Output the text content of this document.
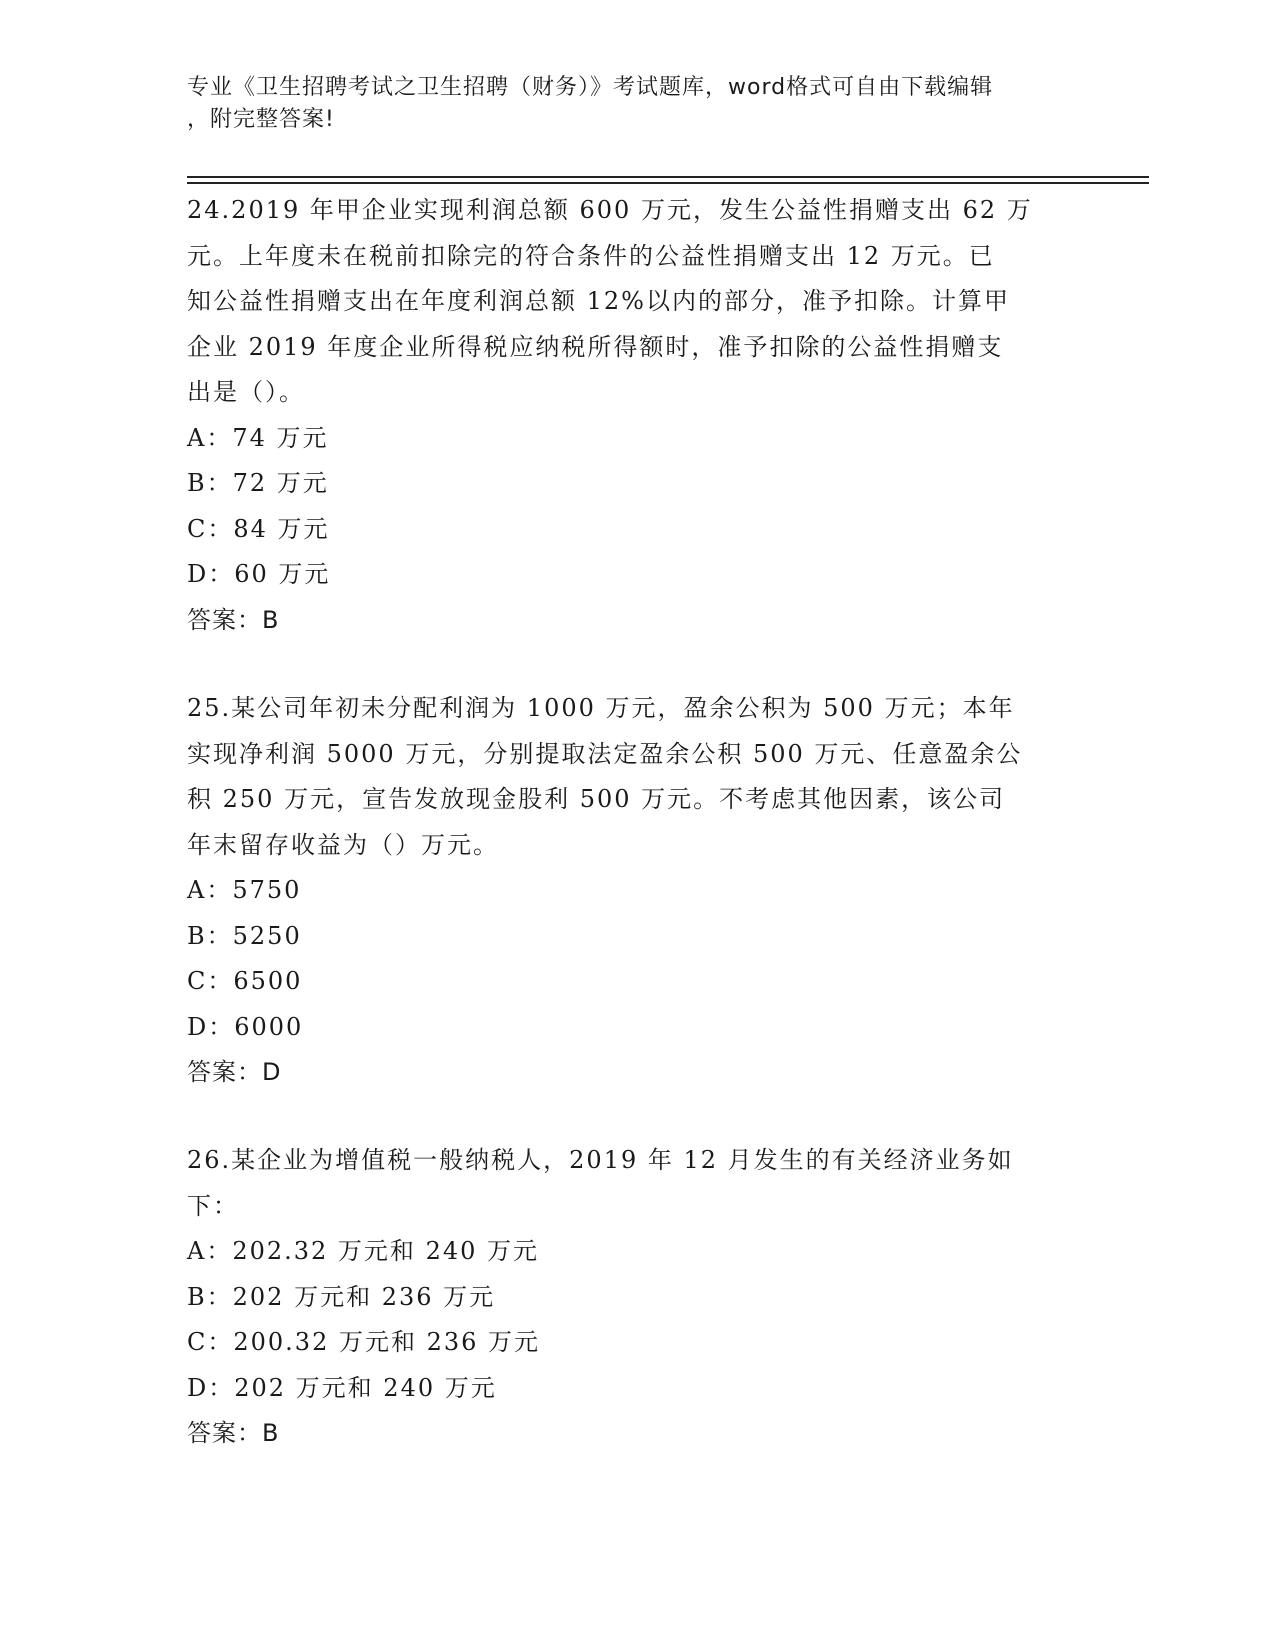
专业《卫生招聘考试之卫生招聘（财务）》考试题库，word格式可自由下载编辑
，附完整答案!

24.2019 年甲企业实现利润总额 600 万元，发生公益性捐赠支出 62 万

元。上年度未在税前扣除完的符合条件的公益性捐赠支出 12 万元。已

知公益性捐赠支出在年度利润总额 12%以内的部分，准予扣除。计算甲

企业 2019 年度企业所得税应纳税所得额时，准予扣除的公益性捐赠支

出是（）。

A：74 万元

B：72 万元

C：84 万元

D：60 万元

答案：B

25.某公司年初未分配利润为 1000 万元，盈余公积为 500 万元；本年

实现净利润 5000 万元，分别提取法定盈余公积 500 万元、任意盈余公

积 250 万元，宣告发放现金股利 500 万元。不考虑其他因素，该公司

年末留存收益为（）万元。

A：5750

B：5250

C：6500

D：6000

答案：D

26.某企业为增值税一般纳税人，2019 年 12 月发生的有关经济业务如

下：

A：202.32 万元和 240 万元

B：202 万元和 236 万元

C：200.32 万元和 236 万元

D：202 万元和 240 万元

答案：B
